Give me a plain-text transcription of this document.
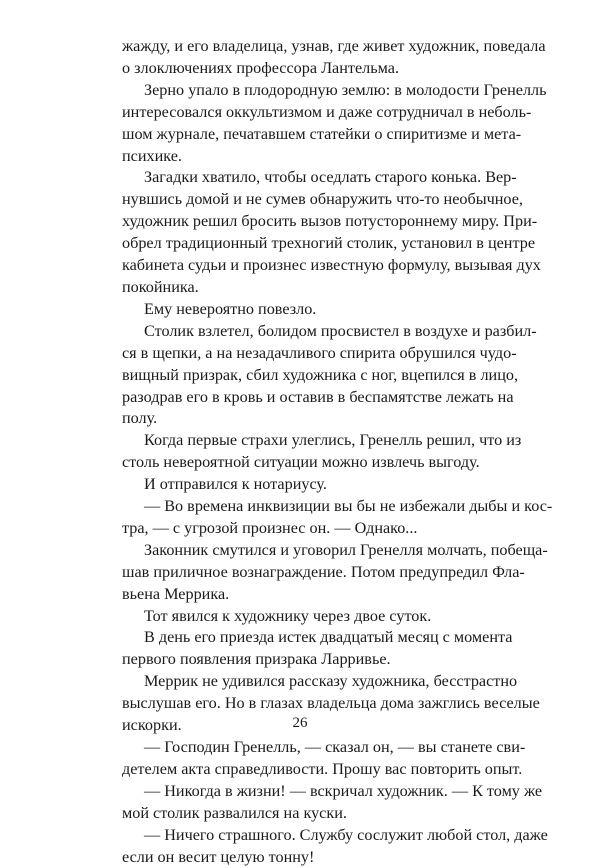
жажду, и его владелица, узнав, где живет художник, поведала
о злоключениях профессора Лантельма.

Зерно упало в плодородную землю: в молодости Гренелль
интересовался оккультизмом и даже сотрудничал в неболь-
шом журнале, печатавшем статейки о спиритизме и мета-
психике.

Загадки хватило, чтобы оседлать старого конька. Вер-
нувшись домой и не сумев обнаружить что-то необычное,
художник решил бросить вызов потустороннему миру. При-
обрел традиционный трехногий столик, установил в центре
кабинета судьи и произнес известную формулу, вызывая дух
покойника.

Ему невероятно повезло.

Столик взлетел, болидом просвистел в воздухе и разбил-
ся в щепки, а на незадачливого спирита обрушился чудо-
вищный призрак, сбил художника с ног, вцепился в лицо,
разодрав его в кровь и оставив в беспамятстве лежать на
полу.

Когда первые страхи улеглись, Гренелль решил, что из
столь невероятной ситуации можно извлечь выгоду.

И отправился к нотариусу.

— Во времена инквизиции вы бы не избежали дыбы и кос-
тра, — с угрозой произнес он. — Однако...

Законник смутился и уговорил Гренелля молчать, побеща-
шав приличное вознаграждение. Потом предупредил Фла-
вьена Меррика.

Тот явился к художнику через двое суток.

В день его приезда истек двадцатый месяц с момента
первого появления призрака Ларривье.

Меррик не удивился рассказу художника, бесстрастно
выслушав его. Но в глазах владельца дома зажглись веселые
искорки.

— Господин Гренелль, — сказал он, — вы станете сви-
детелем акта справедливости. Прошу вас повторить опыт.

— Никогда в жизни! — вскричал художник. — К тому же
мой столик развалился на куски.

— Ничего страшного. Службу сослужит любой стол, даже
если он весит целую тонну!

26
